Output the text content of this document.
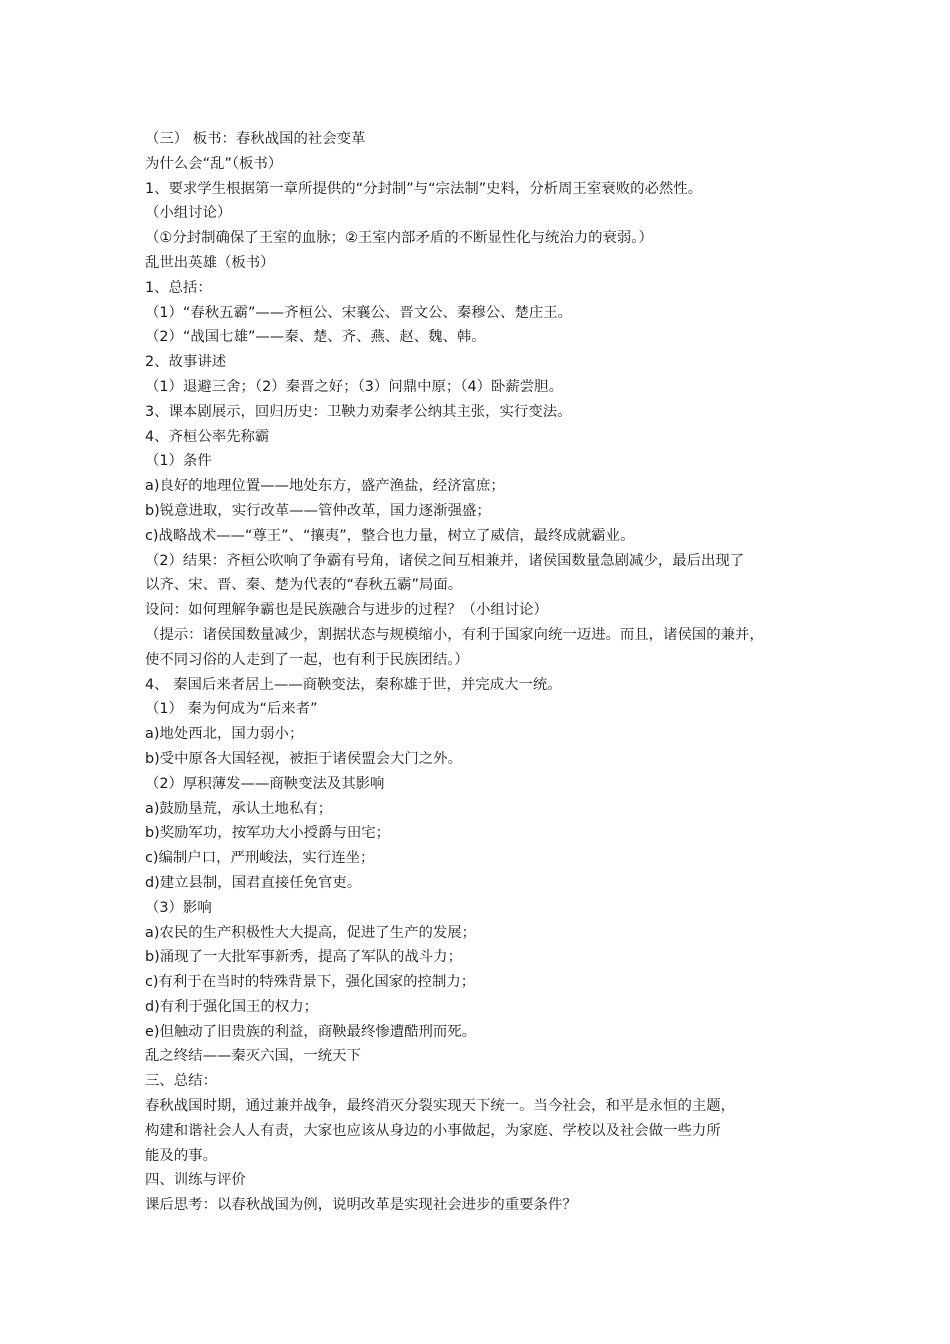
（三） 板书：春秋战国的社会变革
为什么会“乱”（板书）
1、要求学生根据第一章所提供的“分封制”与“宗法制”史料，分析周王室衰败的必然性。
（小组讨论）
（①分封制确保了王室的血脉；②王室内部矛盾的不断显性化与统治力的衰弱。）
乱世出英雄（板书）
1、总括：
（1）“春秋五霸”——齐桓公、宋襄公、晋文公、秦穆公、楚庄王。
（2）“战国七雄”——秦、楚、齐、燕、赵、魏、韩。
2、故事讲述
（1）退避三舍；（2）秦晋之好；（3）问鼎中原；（4）卧薪尝胆。
3、课本剧展示，回归历史：卫鞅力劝秦孝公纳其主张，实行变法。
4、齐桓公率先称霸
（1）条件
a)良好的地理位置——地处东方，盛产渔盐，经济富庶；
b)锐意进取，实行改革——管仲改革，国力逐渐强盛；
c)战略战术——“尊王”、“攘夷”，整合也力量，树立了威信，最终成就霸业。
（2）结果：齐桓公吹响了争霸有号角，诸侯之间互相兼并，诸侯国数量急剧减少，最后出现了
以齐、宋、晋、秦、楚为代表的“春秋五霸”局面。
设问：如何理解争霸也是民族融合与进步的过程？（小组讨论）
（提示：诸侯国数量减少，割据状态与规模缩小，有利于国家向统一迈进。而且，诸侯国的兼并，
使不同习俗的人走到了一起，也有利于民族团结。）
4、 秦国后来者居上——商鞅变法，秦称雄于世，并完成大一统。
（1） 秦为何成为“后来者”
a)地处西北，国力弱小；
b)受中原各大国轻视，被拒于诸侯盟会大门之外。
（2）厚积薄发——商鞅变法及其影响
a)鼓励垦荒，承认土地私有；
b)奖励军功，按军功大小授爵与田宅；
c)编制户口，严刑峻法，实行连坐；
d)建立县制，国君直接任免官吏。
（3）影响
a)农民的生产积极性大大提高，促进了生产的发展；
b)涌现了一大批军事新秀，提高了军队的战斗力；
c)有利于在当时的特殊背景下，强化国家的控制力；
d)有利于强化国王的权力；
e)但触动了旧贵族的利益，商鞅最终惨遭酷刑而死。
乱之终结——秦灭六国，一统天下
三、总结：
春秋战国时期，通过兼并战争，最终消灭分裂实现天下统一。当今社会，和平是永恒的主题，
构建和谐社会人人有责，大家也应该从身边的小事做起，为家庭、学校以及社会做一些力所
能及的事。
四、训练与评价
课后思考：以春秋战国为例，说明改革是实现社会进步的重要条件？
